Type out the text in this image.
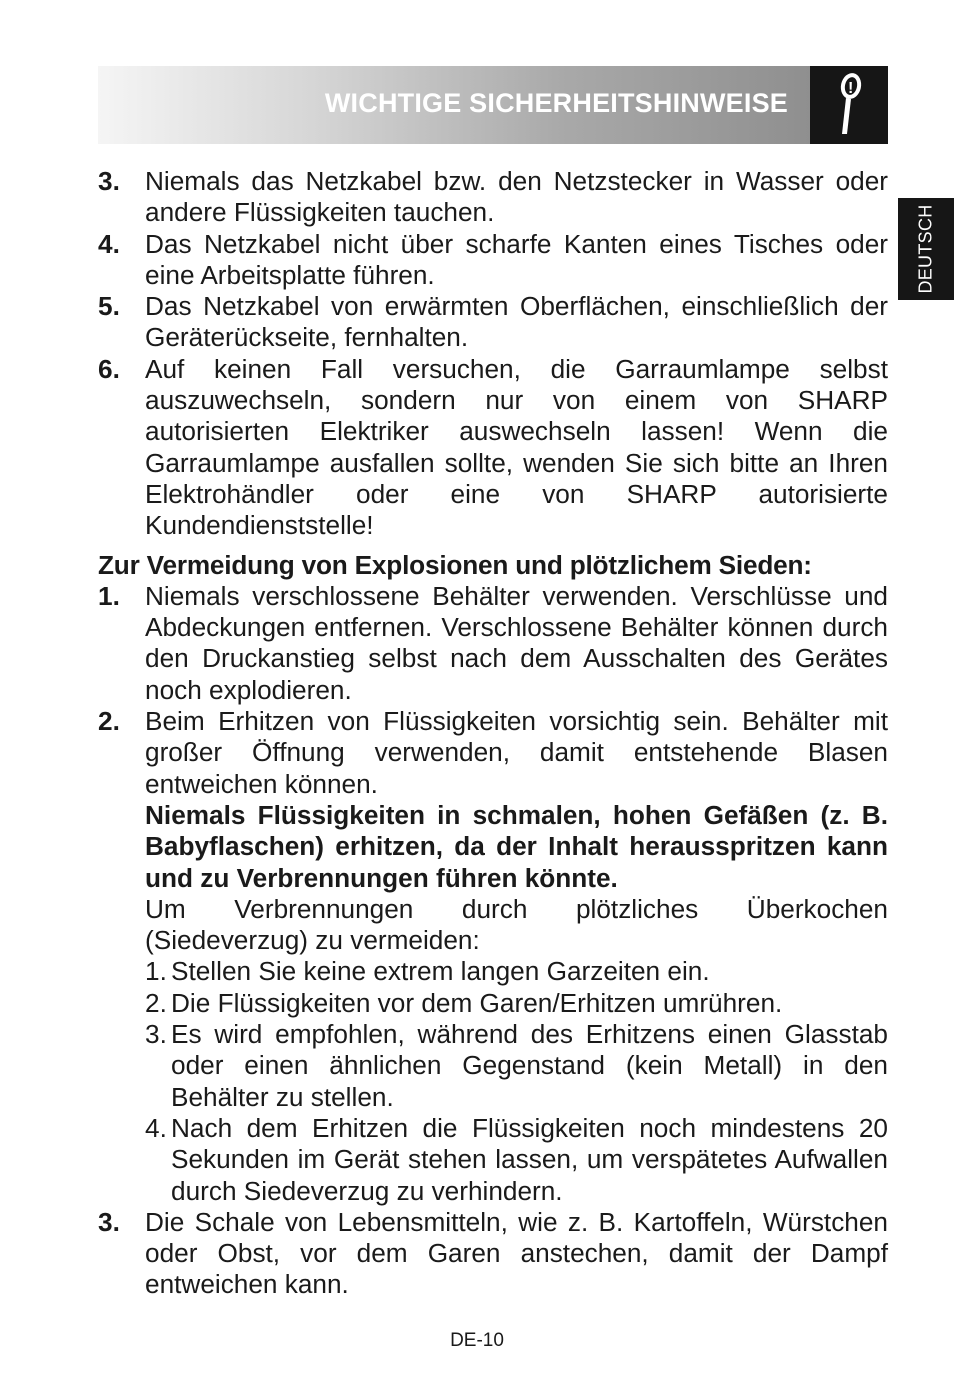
WICHTIGE SICHERHEITSHINWEISE	!
DEUTSCH
3. Niemals das Netzkabel bzw. den Netzstecker in Wasser oder andere Flüssigkeiten tauchen.
4. Das Netzkabel nicht über scharfe Kanten eines Tisches oder eine Arbeitsplatte führen.
5. Das Netzkabel von erwärmten Oberflächen, einschließlich der Geräterückseite, fernhalten.
6. Auf keinen Fall versuchen, die Garraumlampe selbst auszuwechseln, sondern nur von einem von SHARP autorisierten Elektriker auswechseln lassen! Wenn die Garraumlampe ausfallen sollte, wenden Sie sich bitte an Ihren Elektrohändler oder eine von SHARP autorisierte Kundendienststelle!
Zur Vermeidung von Explosionen und plötzlichem Sieden:
1. Niemals verschlossene Behälter verwenden. Verschlüsse und Abdeckungen entfernen. Verschlossene Behälter können durch den Druckanstieg selbst nach dem Ausschalten des Gerätes noch explodieren.
2. Beim Erhitzen von Flüssigkeiten vorsichtig sein. Behälter mit großer Öffnung verwenden, damit entstehende Blasen entweichen können.
Niemals Flüssigkeiten in schmalen, hohen Gefäßen (z. B. Babyflaschen) erhitzen, da der Inhalt herausspritzen kann und zu Verbrennungen führen könnte.
Um Verbrennungen durch plötzliches Überkochen (Siedeverzug) zu vermeiden:
1. Stellen Sie keine extrem langen Garzeiten ein.
2. Die Flüssigkeiten vor dem Garen/Erhitzen umrühren.
3. Es wird empfohlen, während des Erhitzens einen Glasstab oder einen ähnlichen Gegenstand (kein Metall) in den Behälter zu stellen.
4. Nach dem Erhitzen die Flüssigkeiten noch mindestens 20 Sekunden im Gerät stehen lassen, um verspätetes Aufwallen durch Siedeverzug zu verhindern.
3. Die Schale von Lebensmitteln, wie z. B. Kartoffeln, Würstchen oder Obst, vor dem Garen anstechen, damit der Dampf entweichen kann.
DE-10
